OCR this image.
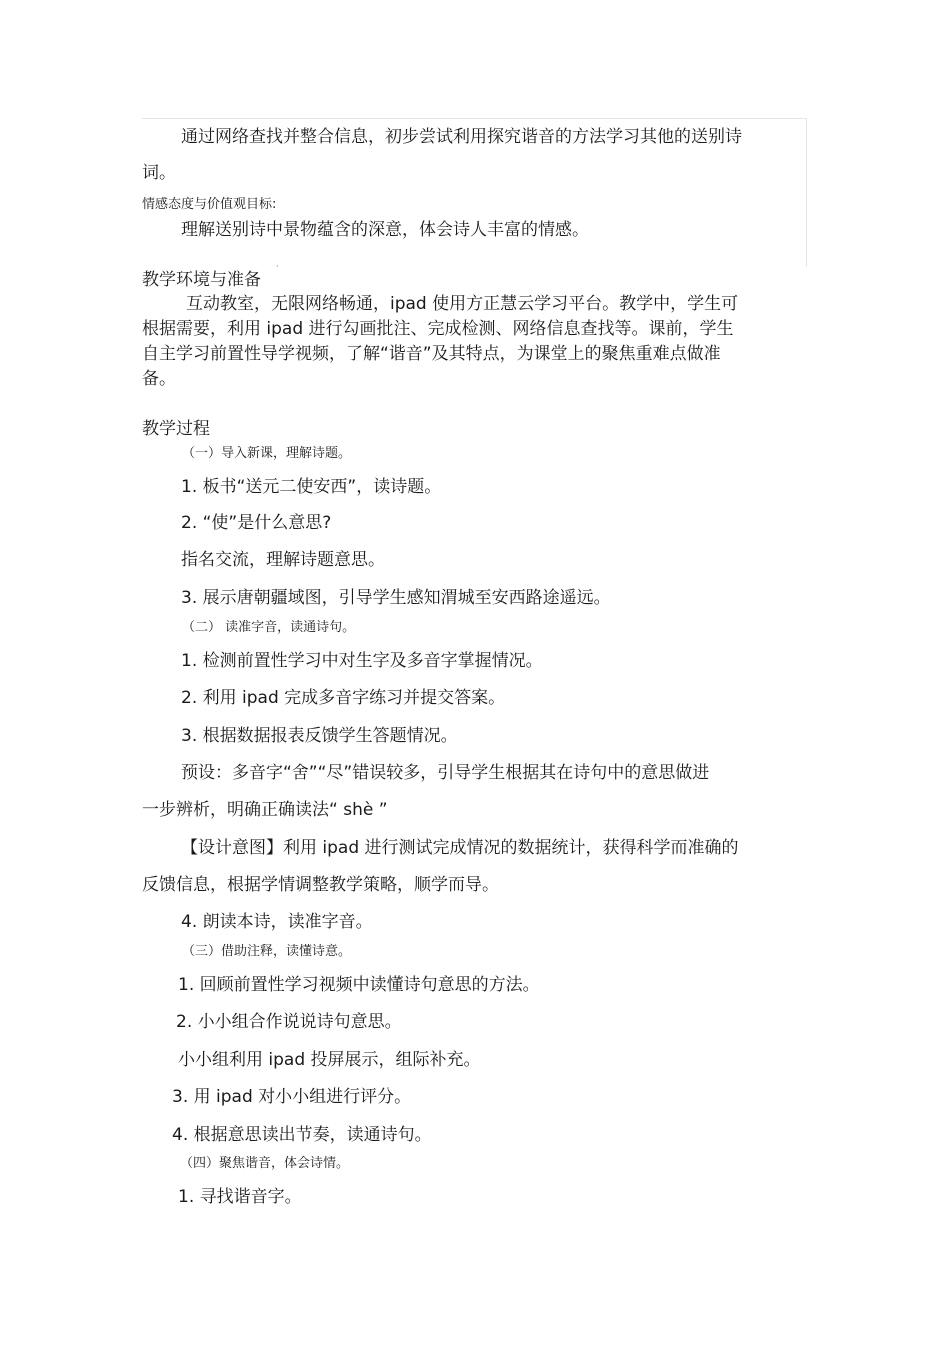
通过网络查找并整合信息，初步尝试利用探究谐音的方法学习其他的送别诗
词。
情感态度与价值观目标:
理解送别诗中景物蕴含的深意，体会诗人丰富的情感。
·
教学环境与准备
互动教室，无限网络畅通，ipad 使用方正慧云学习平台。教学中，学生可
根据需要，利用 ipad 进行勾画批注、完成检测、网络信息查找等。课前，学生
自主学习前置性导学视频，了解“谐音”及其特点，为课堂上的聚焦重难点做准
备。
教学过程
（一）导入新课，理解诗题。
1. 板书“送元二使安西”，读诗题。
2. “使”是什么意思?
指名交流，理解诗题意思。
3. 展示唐朝疆域图，引导学生感知渭城至安西路途遥远。
（二） 读准字音，读通诗句。
1. 检测前置性学习中对生字及多音字掌握情况。
2. 利用 ipad 完成多音字练习并提交答案。
3. 根据数据报表反馈学生答题情况。
预设：多音字“舍”“尽”错误较多，引导学生根据其在诗句中的意思做进
一步辨析，明确正确读法“ shè ”
【设计意图】利用 ipad 进行测试完成情况的数据统计，获得科学而准确的
反馈信息，根据学情调整教学策略，顺学而导。
4. 朗读本诗，读准字音。
（三）借助注释，读懂诗意。
1. 回顾前置性学习视频中读懂诗句意思的方法。
2. 小小组合作说说诗句意思。
小小组利用 ipad 投屏展示，组际补充。
3. 用 ipad 对小小组进行评分。
4. 根据意思读出节奏，读通诗句。
（四）聚焦谐音，体会诗情。
1. 寻找谐音字。
